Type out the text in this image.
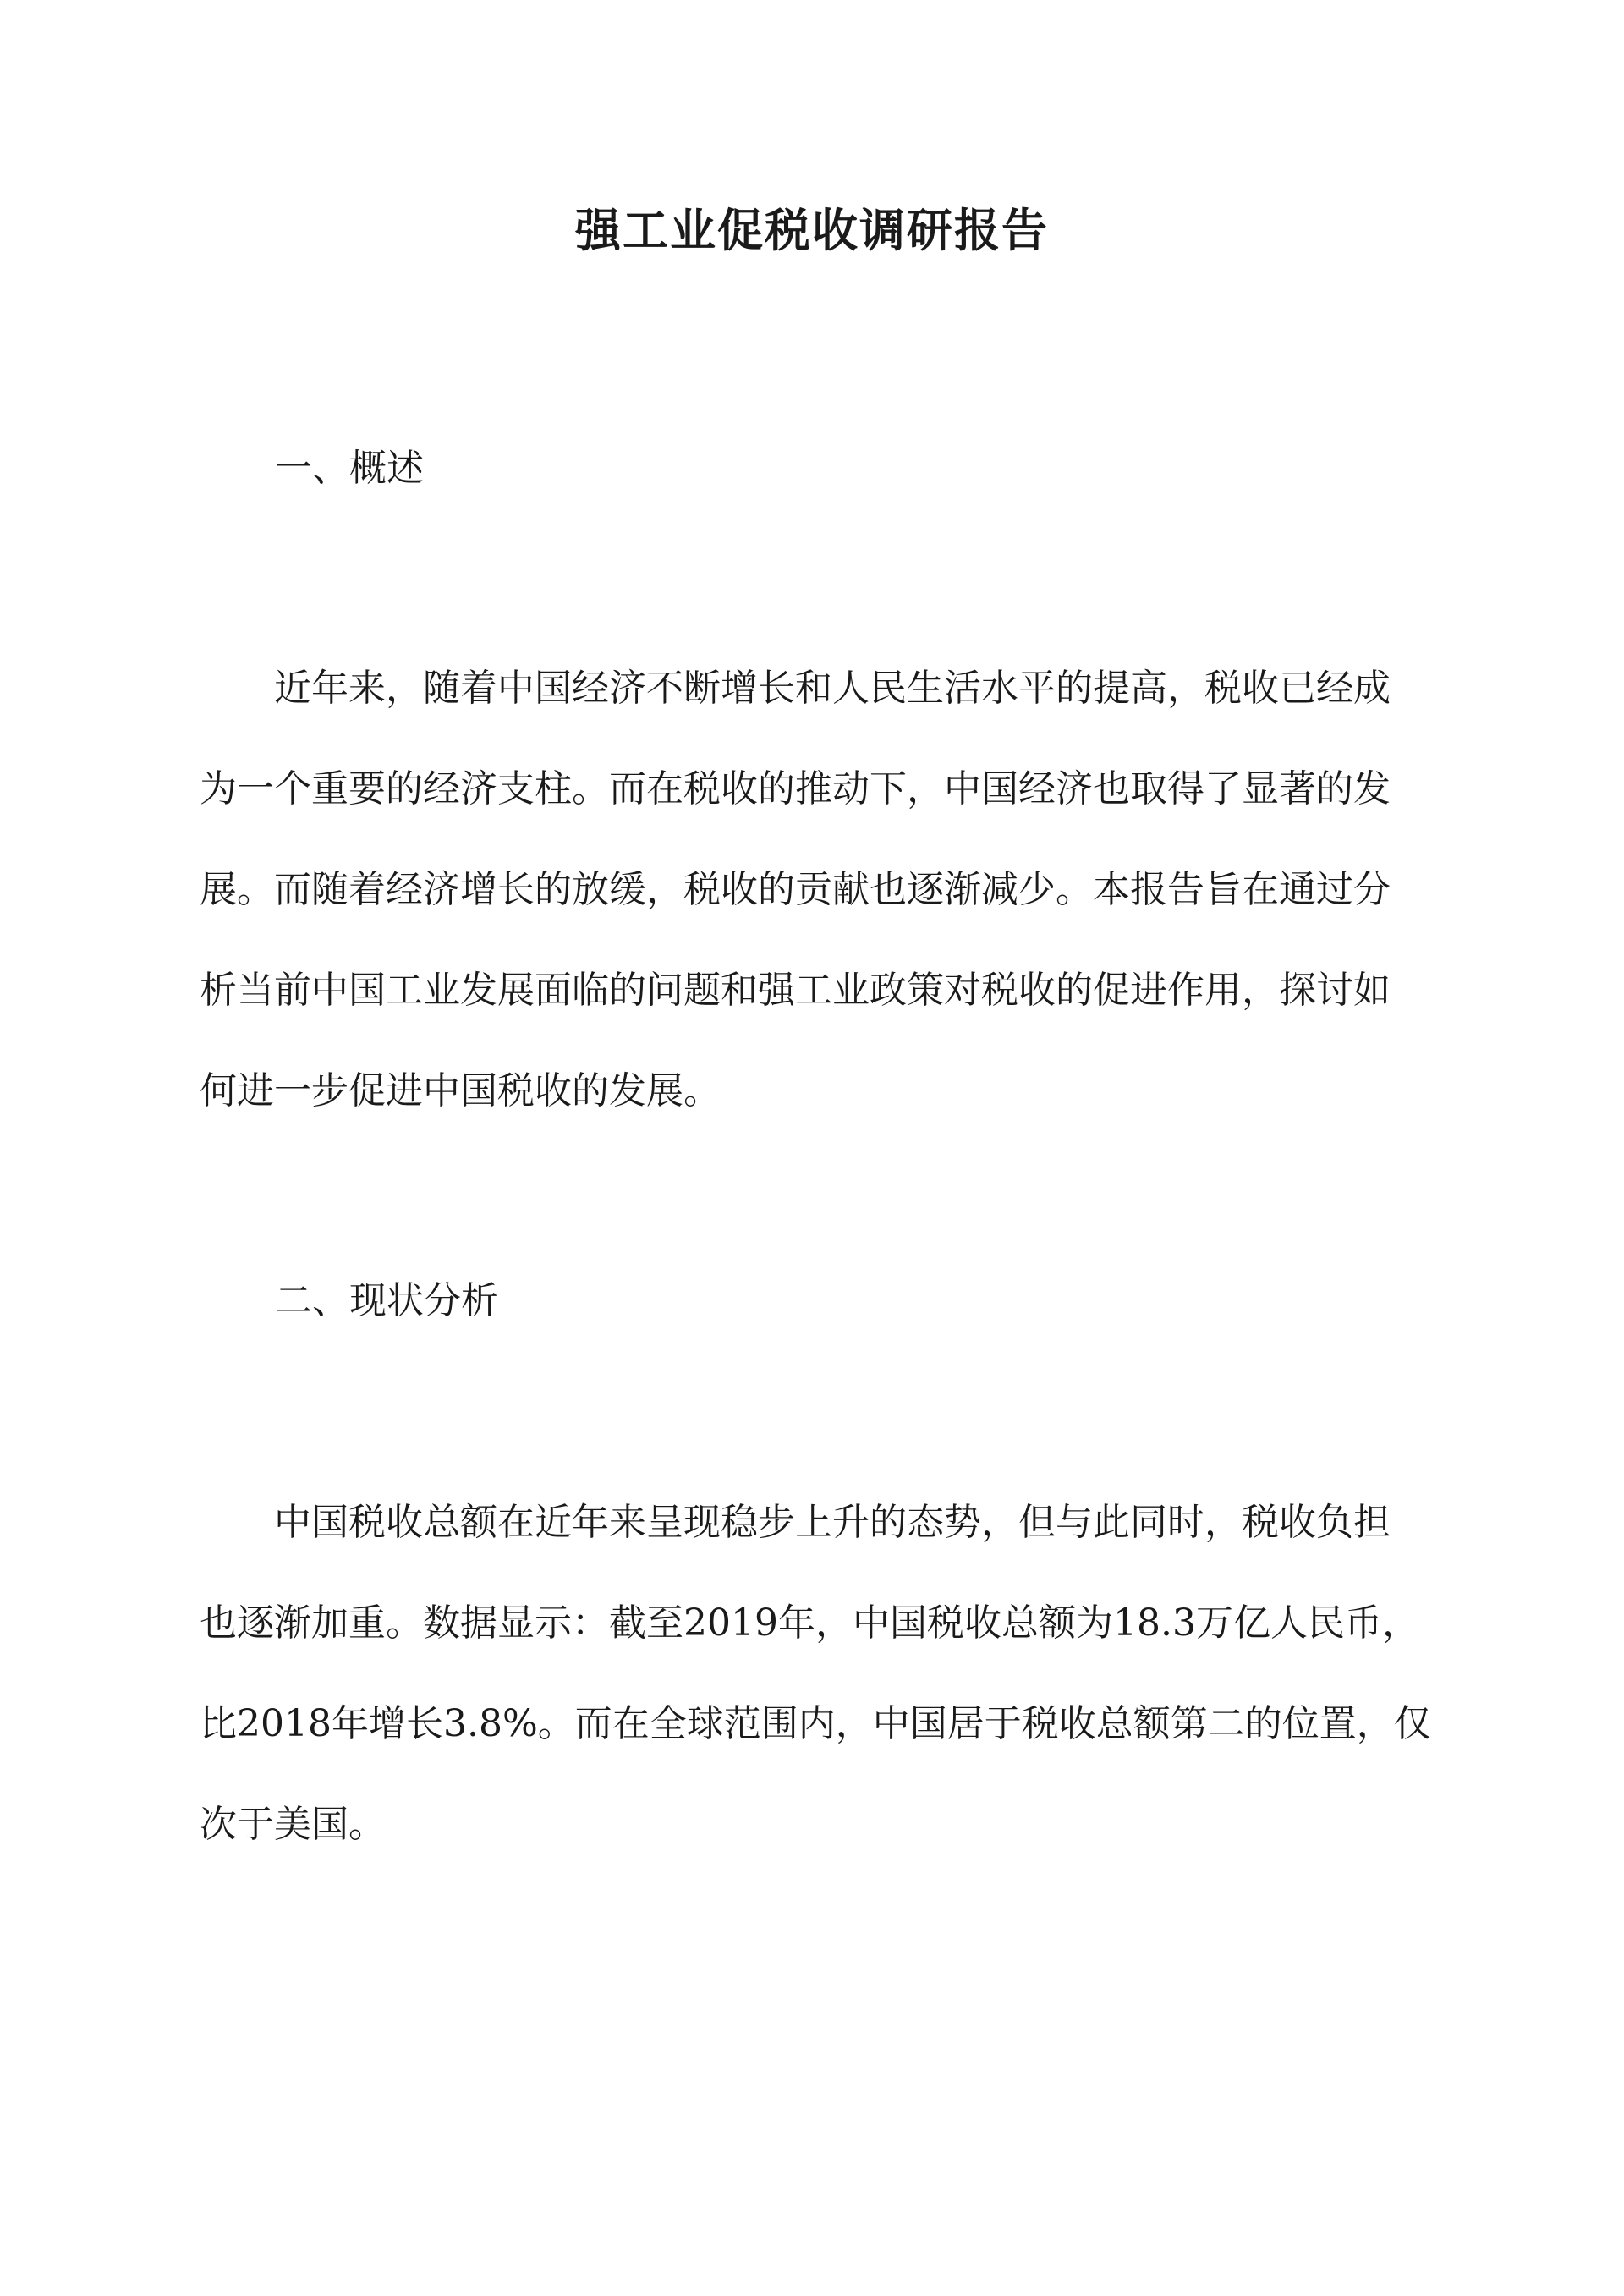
强工业促税收调研报告
一、概述
　　近年来，随着中国经济不断增长和人民生活水平的提高，税收已经成
为一个重要的经济支柱。而在税收的推动下，中国经济也取得了显著的发
展。而随着经济增长的放缓，税收的贡献也逐渐减少。本报告旨在通过分
析当前中国工业发展面临的问题和强工业政策对税收的促进作用，探讨如
何进一步促进中国税收的发展。
二、现状分析
　　中国税收总额在近年来呈现稳步上升的态势，但与此同时，税收负担
也逐渐加重。数据显示：截至2019年，中国税收总额为18.3万亿人民币，
比2018年增长3.8%。而在全球范围内，中国居于税收总额第二的位置，仅
次于美国。
